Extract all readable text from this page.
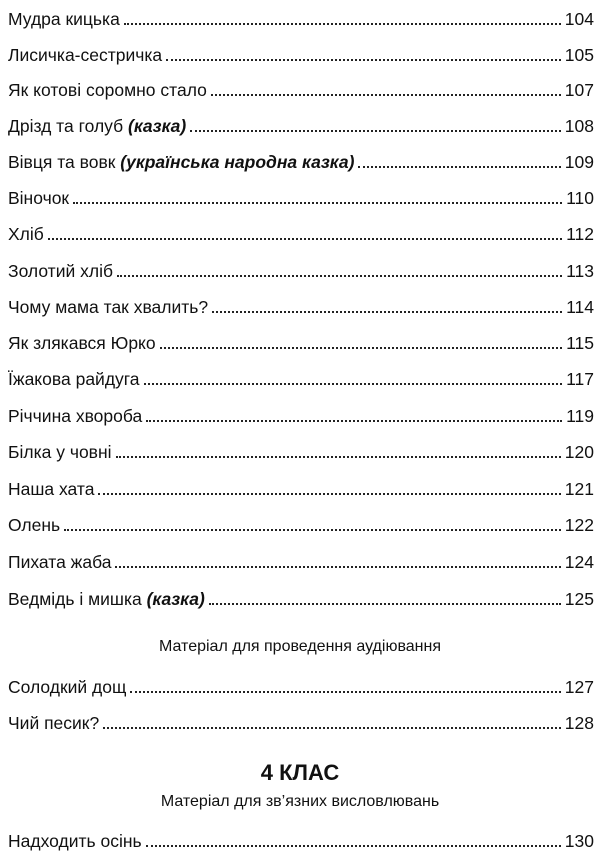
Мудра кицька	104
Лисичка-сестричка	105
Як котові соромно стало	107
Дрізд та голуб (казка)	108
Вівця та вовк (українська народна казка)	109
Віночок	110
Хліб	112
Золотий хліб	113
Чому мама так хвалить?	114
Як злякався Юрко	115
Їжакова райдуга	117
Річчина хвороба	119
Білка у човні	120
Наша хата	121
Олень	122
Пихата жаба	124
Ведмідь і мишка (казка)	125
Матеріал для проведення аудіювання
Солодкий дощ	127
Чий песик?	128
4 КЛАС
Матеріал для зв’язних висловлювань
Надходить осінь	130
